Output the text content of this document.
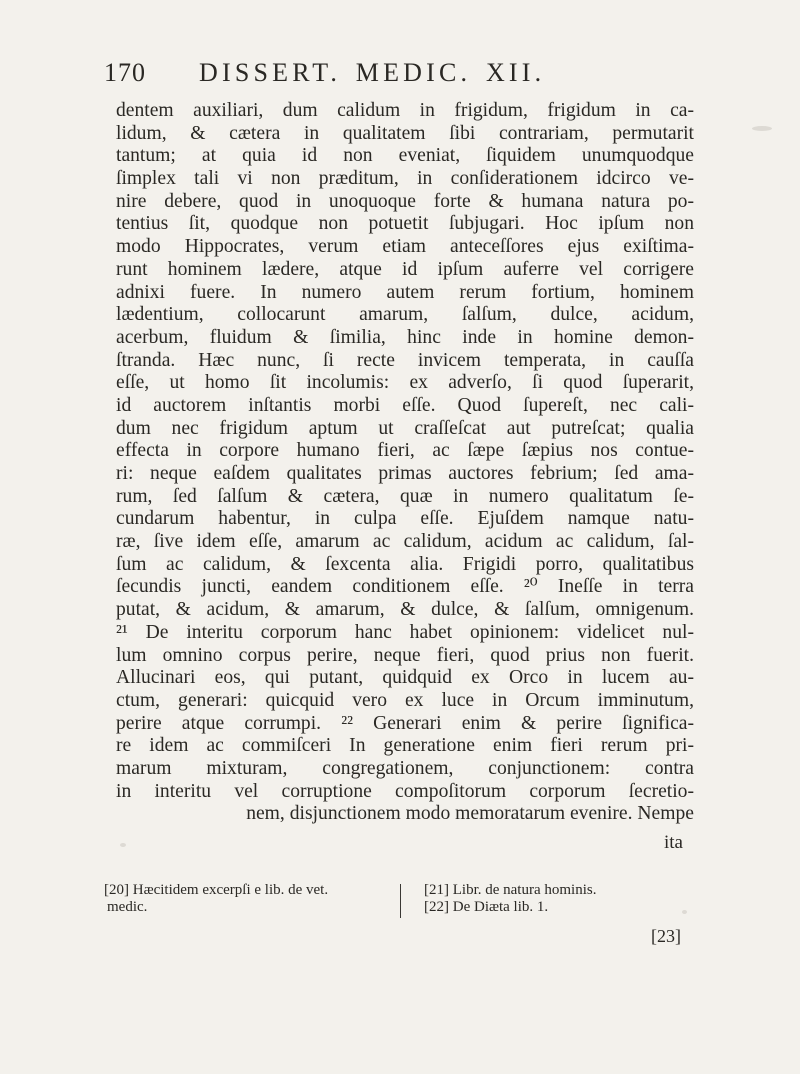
170 DISSERT. MEDIC. XII.
dentem auxiliari, dum calidum in frigidum, frigidum in ca-
lidum, & cætera in qualitatem ſibi contrariam, permutarit
tantum; at quia id non eveniat, ſiquidem unumquodque
ſimplex tali vi non præditum, in conſiderationem idcirco ve-
nire debere, quod in unoquoque forte & humana natura po-
tentius ſit, quodque non potuetit ſubjugari. Hoc ipſum non
modo Hippocrates, verum etiam anteceſſores ejus exiſtima-
runt hominem lædere, atque id ipſum auferre vel corrigere
adnixi fuere. In numero autem rerum fortium, hominem
lædentium, collocarunt amarum, ſalſum, dulce, acidum,
acerbum, fluidum & ſimilia, hinc inde in homine demon-
ſtranda. Hæc nunc, ſi recte invicem temperata, in cauſſa
eſſe, ut homo ſit incolumis: ex adverſo, ſi quod ſuperarit,
id auctorem inſtantis morbi eſſe. Quod ſupereſt, nec cali-
dum nec frigidum aptum ut craſſeſcat aut putreſcat; qualia
effecta in corpore humano fieri, ac ſæpe ſæpius nos contue-
ri: neque eaſdem qualitates primas auctores febrium; ſed ama-
rum, ſed ſalſum & cætera, quæ in numero qualitatum ſe-
cundarum habentur, in culpa eſſe. Ejuſdem namque natu-
ræ, ſive idem eſſe, amarum ac calidum, acidum ac calidum, ſal-
ſum ac calidum, & ſexcenta alia. Frigidi porro, qualitatibus
ſecundis juncti, eandem conditionem eſſe. ²⁰ Ineſſe in terra
putat, & acidum, & amarum, & dulce, & ſalſum, omnigenum.
²¹ De interitu corporum hanc habet opinionem: videlicet nul-
lum omnino corpus perire, neque fieri, quod prius non fuerit.
Allucinari eos, qui putant, quidquid ex Orco in lucem au-
ctum, generari: quicquid vero ex luce in Orcum imminutum,
perire atque corrumpi. ²² Generari enim & perire ſignifica-
re idem ac commiſceri In generatione enim fieri rerum pri-
marum mixturam, congregationem, conjunctionem: contra
in interitu vel corruptione compoſitorum corporum ſecretio-
nem, disjunctionem modo memoratarum evenire. Nempe
ita
[20] Hæcitidem excerpſi e lib. de vet.
medic.
[21] Libr. de natura hominis.
[22] De Diæta lib. 1.
[23]
